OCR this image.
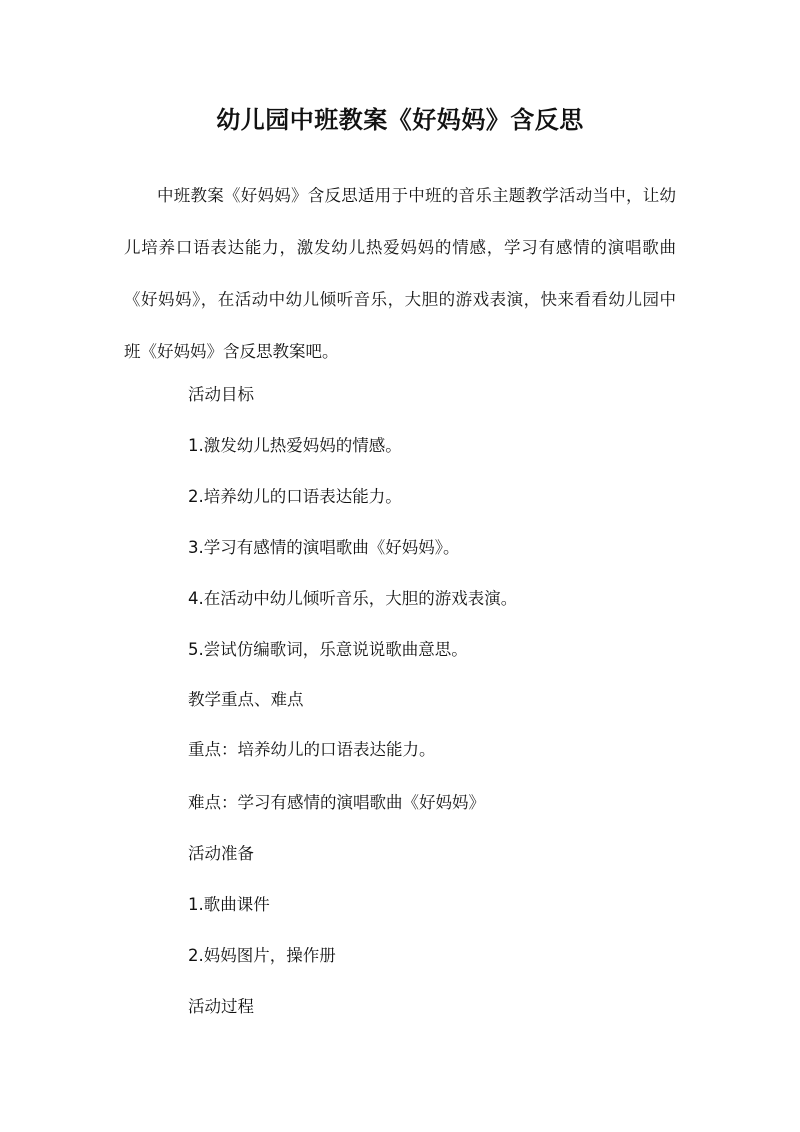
幼儿园中班教案《好妈妈》含反思
中班教案《好妈妈》含反思适用于中班的音乐主题教学活动当中，让幼儿培养口语表达能力，激发幼儿热爱妈妈的情感，学习有感情的演唱歌曲《好妈妈》，在活动中幼儿倾听音乐，大胆的游戏表演，快来看看幼儿园中班《好妈妈》含反思教案吧。
活动目标
1.激发幼儿热爱妈妈的情感。
2.培养幼儿的口语表达能力。
3.学习有感情的演唱歌曲《好妈妈》。
4.在活动中幼儿倾听音乐，大胆的游戏表演。
5.尝试仿编歌词，乐意说说歌曲意思。
教学重点、难点
重点：培养幼儿的口语表达能力。
难点：学习有感情的演唱歌曲《好妈妈》
活动准备
1.歌曲课件
2.妈妈图片，操作册
活动过程
